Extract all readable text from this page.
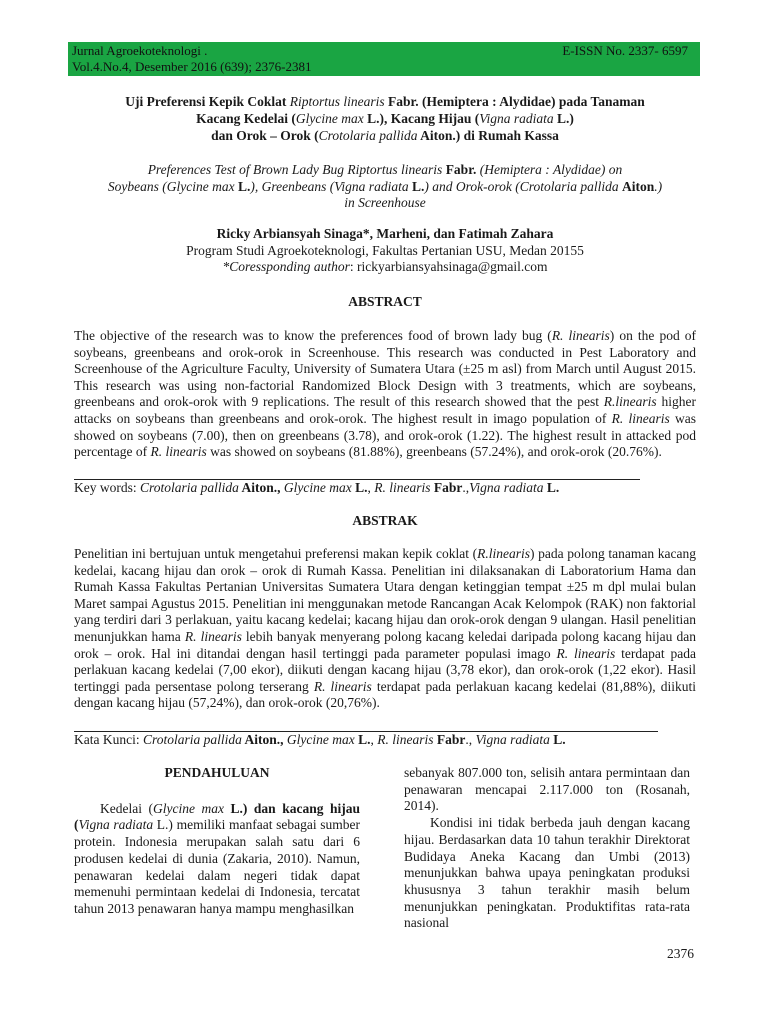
Jurnal Agroekoteknologi .
Vol.4.No.4, Desember 2016 (639); 2376-2381
E-ISSN No. 2337- 6597
Uji Preferensi Kepik Coklat Riptortus linearis Fabr. (Hemiptera : Alydidae) pada Tanaman
Kacang Kedelai (Glycine max L.), Kacang Hijau (Vigna radiata L.)
dan Orok – Orok (Crotolaria pallida Aiton.) di Rumah Kassa
Preferences Test of Brown Lady Bug Riptortus linearis Fabr. (Hemiptera : Alydidae) on
Soybeans (Glycine max L.), Greenbeans (Vigna radiata L.) and Orok-orok (Crotolaria pallida Aiton.)
in Screenhouse
Ricky Arbiansyah Sinaga*, Marheni, dan Fatimah Zahara
Program Studi Agroekoteknologi, Fakultas Pertanian USU, Medan 20155
*Coressponding author: rickyarbiansyahsinaga@gmail.com
ABSTRACT
The objective of the research was to know the preferences food of brown lady bug (R. linearis) on the pod of soybeans, greenbeans and orok-orok in Screenhouse. This research was conducted in Pest Laboratory and Screenhouse of the Agriculture Faculty, University of Sumatera Utara (±25 m asl) from March until August 2015. This research was using non-factorial Randomized Block Design with 3 treatments, which are soybeans, greenbeans and orok-orok with 9 replications. The result of this research showed that the pest R.linearis higher attacks on soybeans than greenbeans and orok-orok. The highest result in imago population of R. linearis was showed on soybeans (7.00), then on greenbeans (3.78), and orok-orok (1.22). The highest result in attacked pod percentage of R. linearis was showed on soybeans (81.88%), greenbeans (57.24%), and orok-orok (20.76%).
Key words: Crotolaria pallida Aiton., Glycine max L., R. linearis Fabr.,Vigna radiata L.
ABSTRAK
Penelitian ini bertujuan untuk mengetahui preferensi makan kepik coklat (R.linearis) pada polong tanaman kacang kedelai, kacang hijau dan orok – orok di Rumah Kassa. Penelitian ini dilaksanakan di Laboratorium Hama dan Rumah Kassa Fakultas Pertanian Universitas Sumatera Utara dengan ketinggian tempat ±25 m dpl mulai bulan Maret sampai Agustus 2015. Penelitian ini menggunakan metode Rancangan Acak Kelompok (RAK) non faktorial yang terdiri dari 3 perlakuan, yaitu kacang kedelai; kacang hijau dan orok-orok dengan 9 ulangan. Hasil penelitian menunjukkan hama R. linearis lebih banyak menyerang polong kacang keledai daripada polong kacang hijau dan orok – orok. Hal ini ditandai dengan hasil tertinggi pada parameter populasi imago R. linearis terdapat pada perlakuan kacang kedelai (7,00 ekor), diikuti dengan kacang hijau (3,78 ekor), dan orok-orok (1,22 ekor). Hasil tertinggi pada persentase polong terserang R. linearis terdapat pada perlakuan kacang kedelai (81,88%), diikuti dengan kacang hijau (57,24%), dan orok-orok (20,76%).
Kata Kunci: Crotolaria pallida Aiton., Glycine max L., R. linearis Fabr., Vigna radiata L.
PENDAHULUAN

Kedelai (Glycine max L.) dan kacang hijau (Vigna radiata L.) memiliki manfaat sebagai sumber protein. Indonesia merupakan salah satu dari 6 produsen kedelai di dunia (Zakaria, 2010). Namun, penawaran kedelai dalam negeri tidak dapat memenuhi permintaan kedelai di Indonesia, tercatat tahun 2013 penawaran hanya mampu menghasilkan

sebanyak 807.000 ton, selisih antara permintaan dan penawaran mencapai 2.117.000 ton (Rosanah, 2014).

Kondisi ini tidak berbeda jauh dengan kacang hijau. Berdasarkan data 10 tahun terakhir Direktorat Budidaya Aneka Kacang dan Umbi (2013) menunjukkan bahwa upaya peningkatan produksi khususnya 3 tahun terakhir masih belum menunjukkan peningkatan. Produktifitas rata-rata nasional

2376
